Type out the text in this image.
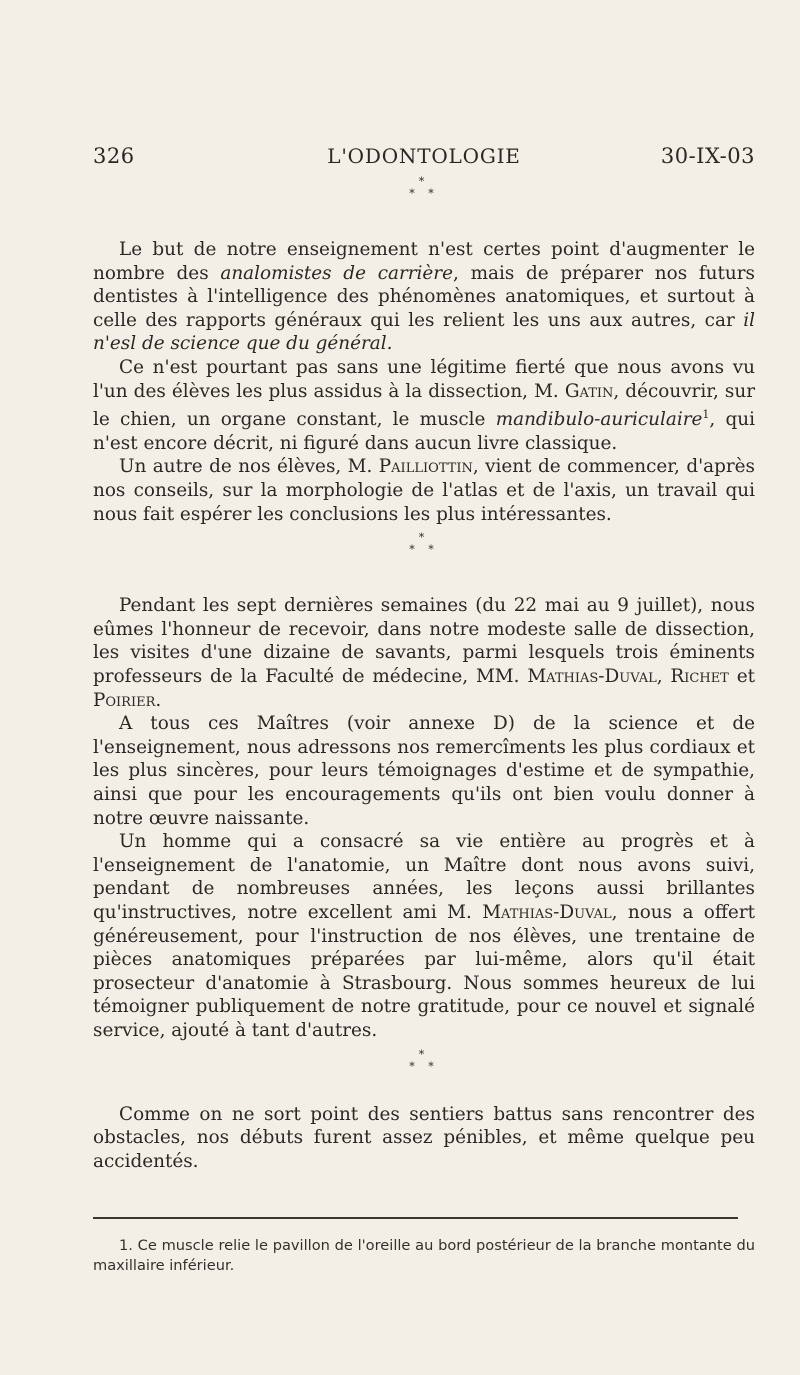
326	L'ODONTOLOGIE	30-IX-03
*
* *

Le but de notre enseignement n'est certes point d'augmenter le nombre des analomistes de carrière, mais de préparer nos futurs dentistes à l'intelligence des phénomènes anatomiques, et surtout à celle des rapports généraux qui les relient les uns aux autres, car il n'esl de science que du général.

Ce n'est pourtant pas sans une légitime fierté que nous avons vu l'un des élèves les plus assidus à la dissection, M. Gatin, découvrir, sur le chien, un organe constant, le muscle mandibulo-auriculaire$^1$, qui n'est encore décrit, ni figuré dans aucun livre classique.

Un autre de nos élèves, M. Pailliottin, vient de commencer, d'après nos conseils, sur la morphologie de l'atlas et de l'axis, un travail qui nous fait espérer les conclusions les plus intéressantes.

*
* *

Pendant les sept dernières semaines (du 22 mai au 9 juillet), nous eûmes l'honneur de recevoir, dans notre modeste salle de dissection, les visites d'une dizaine de savants, parmi lesquels trois éminents professeurs de la Faculté de médecine, MM. Mathias-Duval, Richet et Poirier.

A tous ces Maîtres (voir annexe D) de la science et de l'enseignement, nous adressons nos remercîments les plus cordiaux et les plus sincères, pour leurs témoignages d'estime et de sympathie, ainsi que pour les encouragements qu'ils ont bien voulu donner à notre œuvre naissante.

Un homme qui a consacré sa vie entière au progrès et à l'enseignement de l'anatomie, un Maître dont nous avons suivi, pendant de nombreuses années, les leçons aussi brillantes qu'instructives, notre excellent ami M. Mathias-Duval, nous a offert généreusement, pour l'instruction de nos élèves, une trentaine de pièces anatomiques préparées par lui-même, alors qu'il était prosecteur d'anatomie à Strasbourg. Nous sommes heureux de lui témoigner publiquement de notre gratitude, pour ce nouvel et signalé service, ajouté à tant d'autres.

*
* *

Comme on ne sort point des sentiers battus sans rencontrer des obstacles, nos débuts furent assez pénibles, et même quelque peu accidentés.

1. Ce muscle relie le pavillon de l'oreille au bord postérieur de la branche montante du maxillaire inférieur.
